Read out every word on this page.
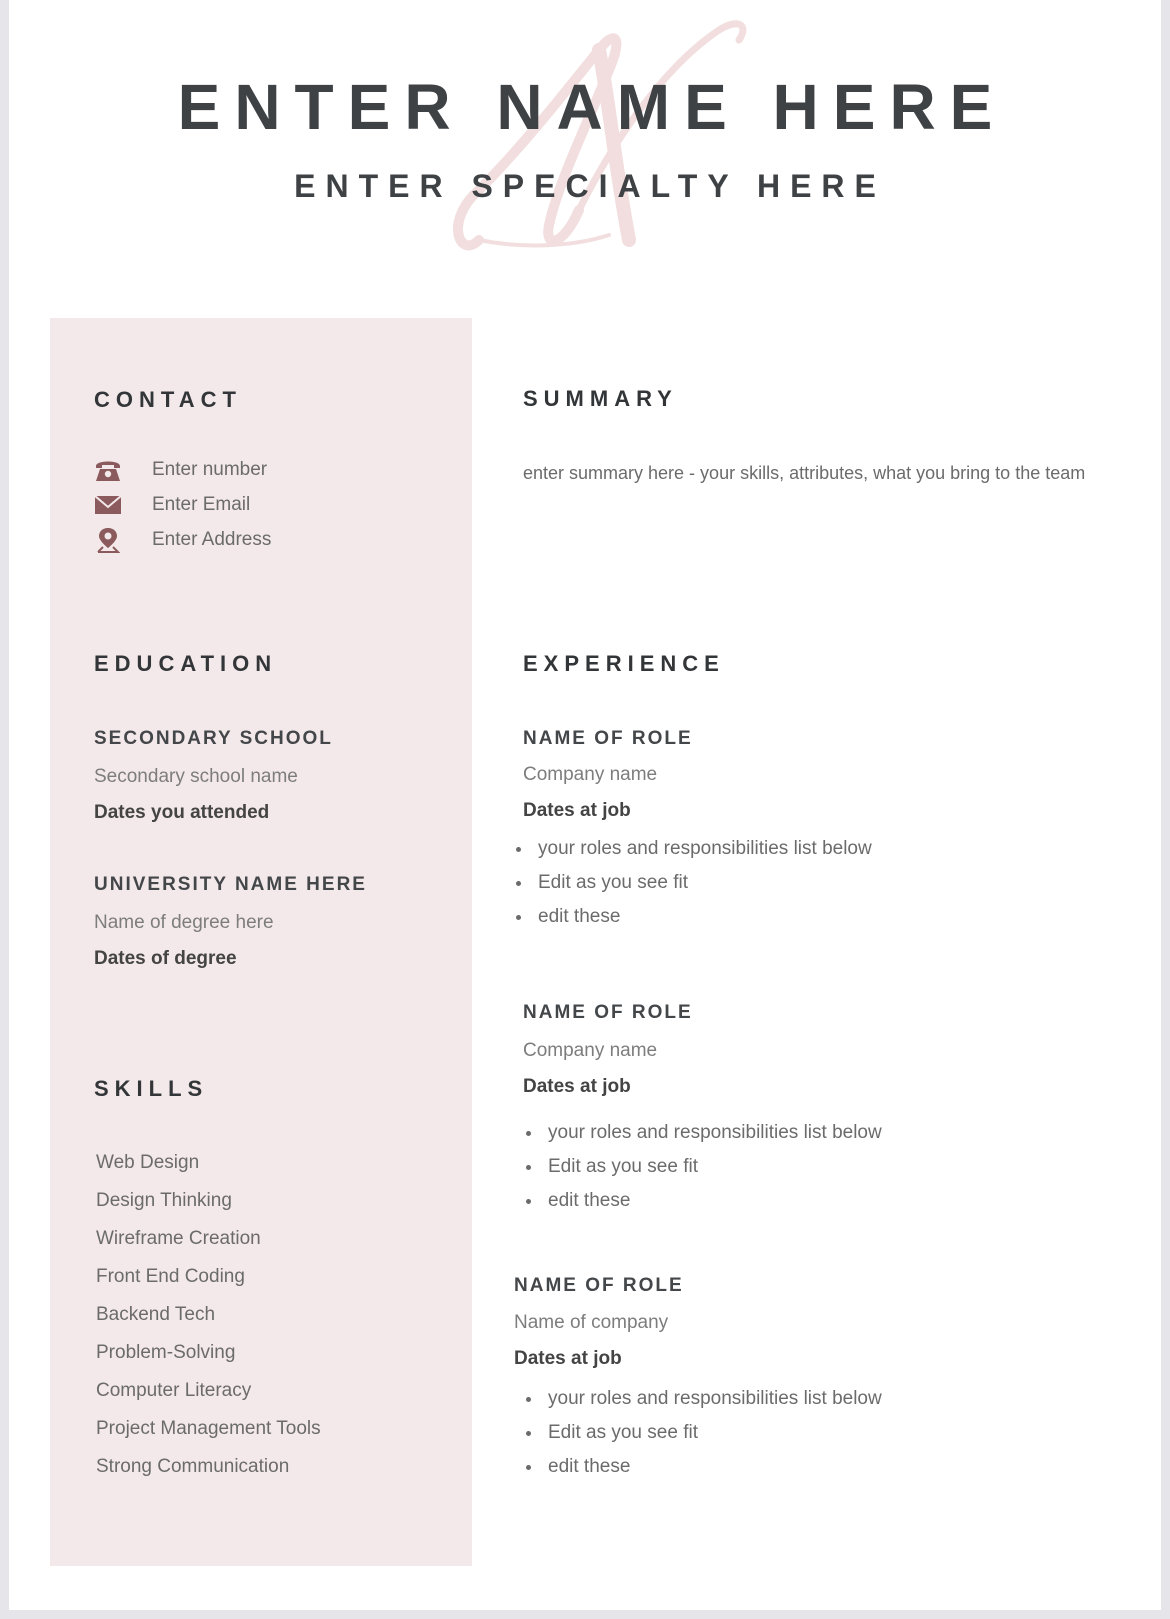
ENTER NAME HERE
ENTER SPECIALTY HERE
CONTACT
Enter number
Enter Email
Enter Address
EDUCATION
SECONDARY SCHOOL
Secondary school name
Dates you attended
UNIVERSITY NAME HERE
Name of degree here
Dates of degree
SKILLS
Web Design
Design Thinking
Wireframe Creation
Front End Coding
Backend Tech
Problem-Solving
Computer Literacy
Project Management Tools
Strong Communication
SUMMARY
enter summary here - your skills, attributes, what you bring to the team
EXPERIENCE
NAME OF ROLE
Company name
Dates at job
your roles and responsibilities list below
Edit as you see fit
edit these
NAME OF ROLE
Company name
Dates at job
your roles and responsibilities list below
Edit as you see fit
edit these
NAME OF ROLE
Name of company
Dates at job
your roles and responsibilities list below
Edit as you see fit
edit these
